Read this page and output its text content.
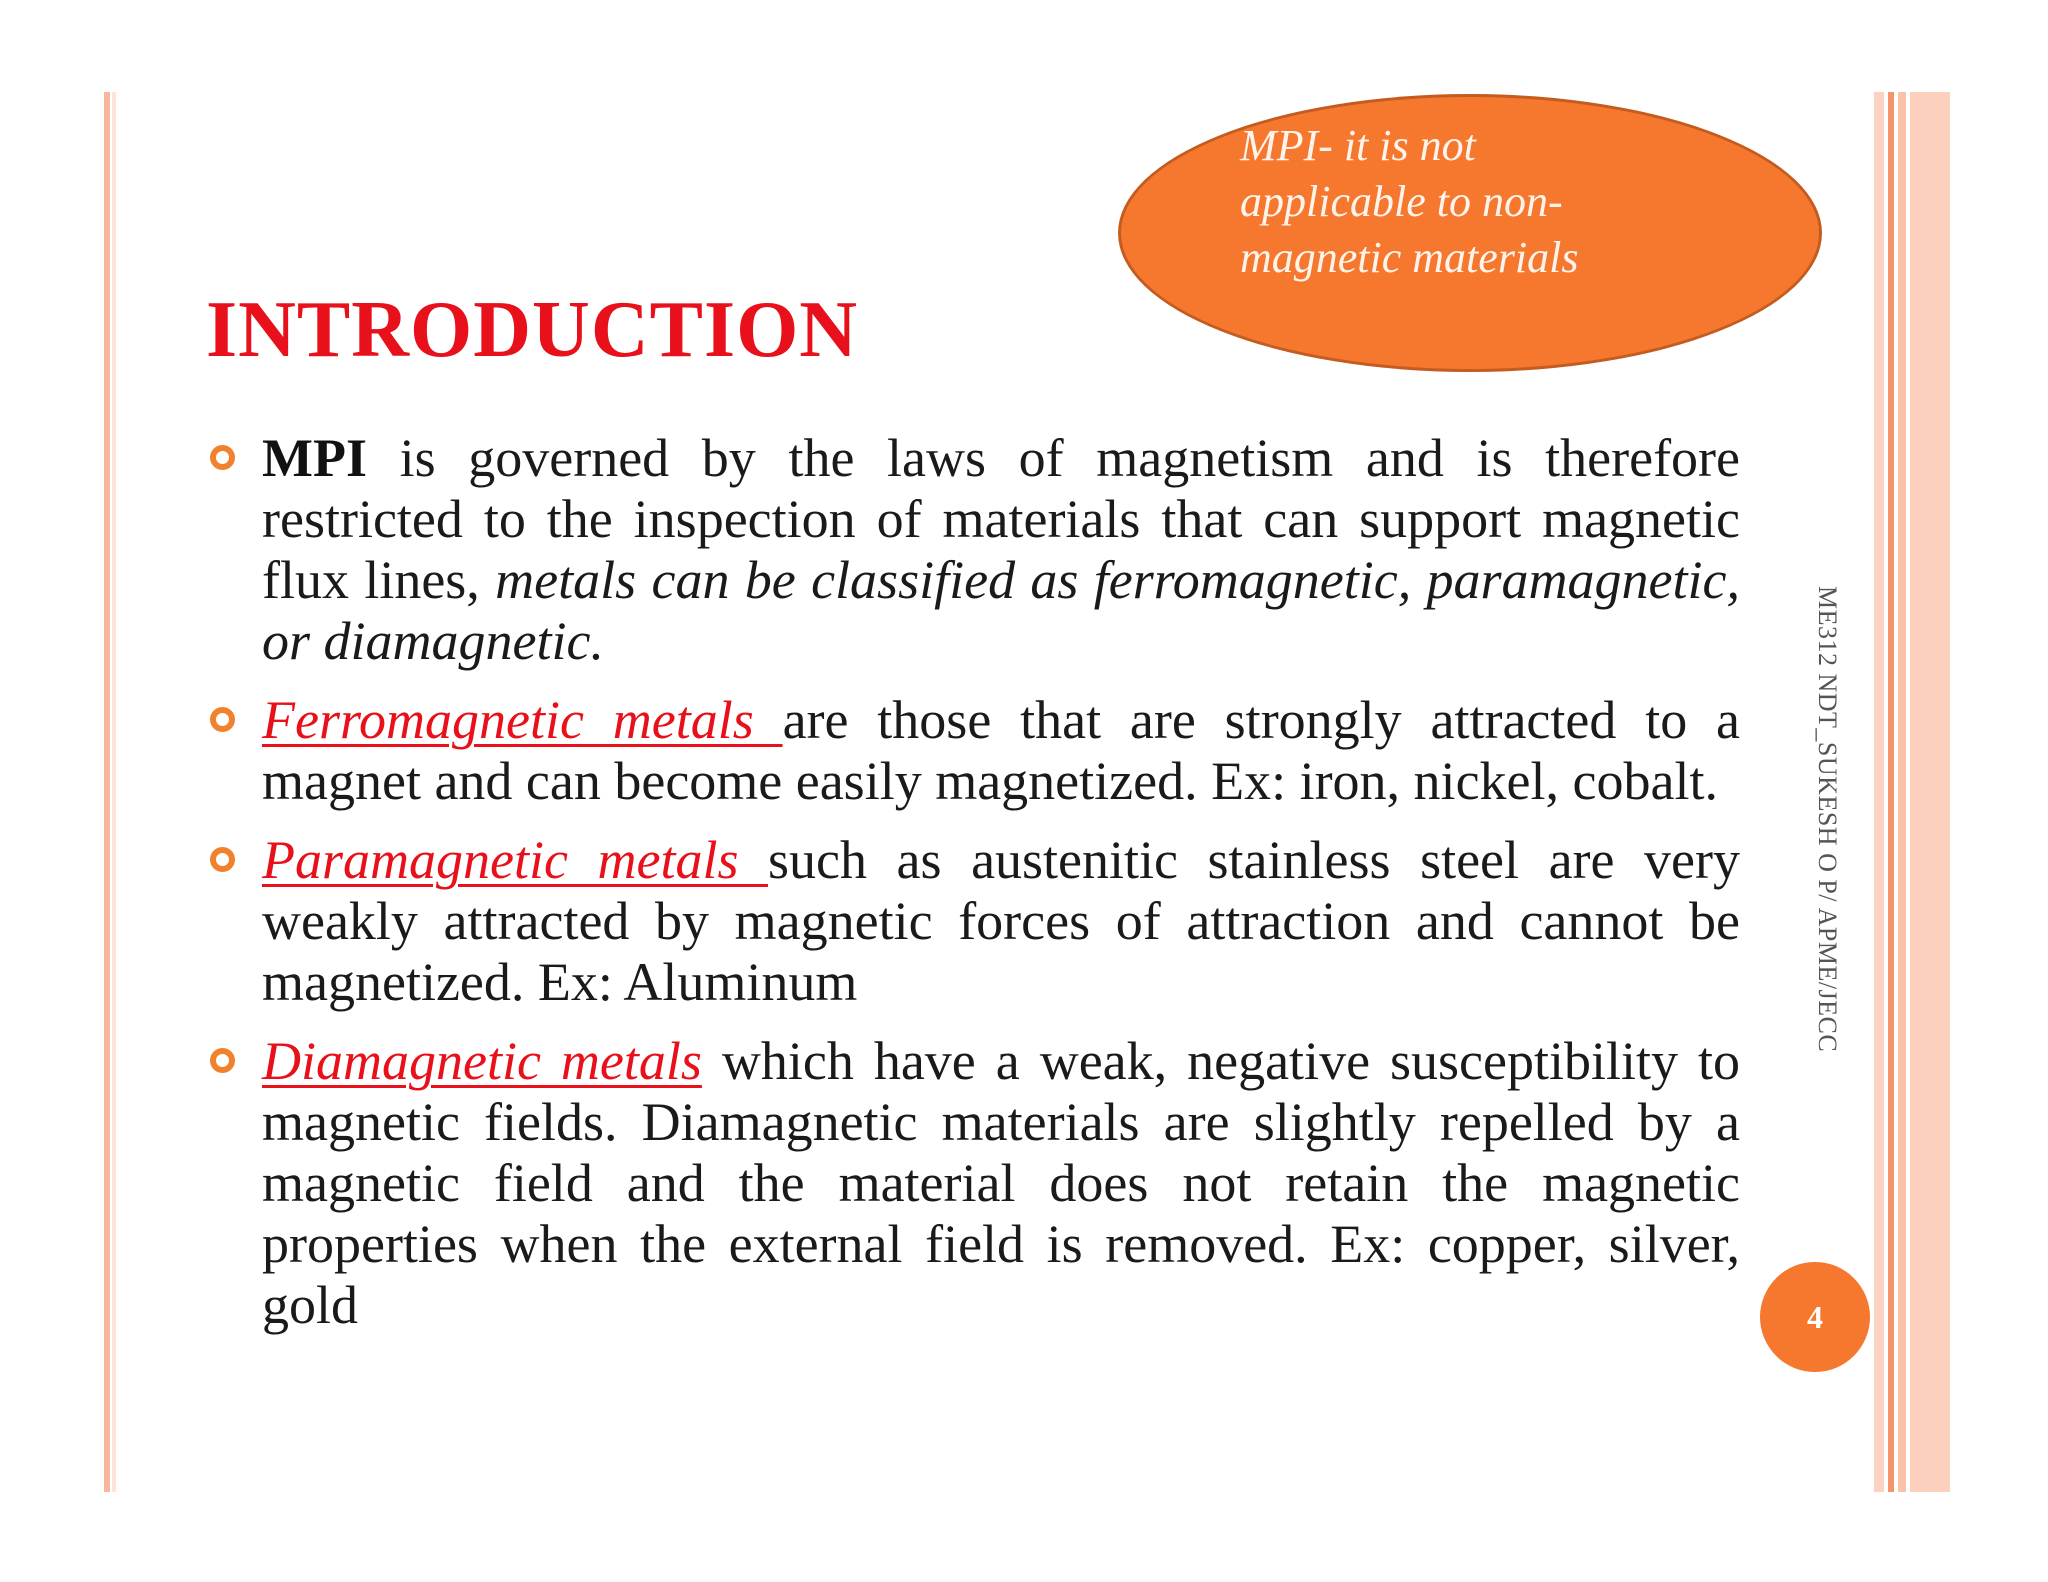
MPI- it is not applicable to non-magnetic materials
INTRODUCTION
MPI is governed by the laws of magnetism and is therefore restricted to the inspection of materials that can support magnetic flux lines, metals can be classified as ferromagnetic, paramagnetic, or diamagnetic.
Ferromagnetic metals are those that are strongly attracted to a magnet and can become easily magnetized. Ex: iron, nickel, cobalt.
Paramagnetic metals such as austenitic stainless steel are very weakly attracted by magnetic forces of attraction and cannot be magnetized. Ex: Aluminum
Diamagnetic metals which have a weak, negative susceptibility to magnetic fields. Diamagnetic materials are slightly repelled by a magnetic field and the material does not retain the magnetic properties when the external field is removed. Ex: copper, silver, gold
ME312 NDT_SUKESH O P/ APME/JECC
4
